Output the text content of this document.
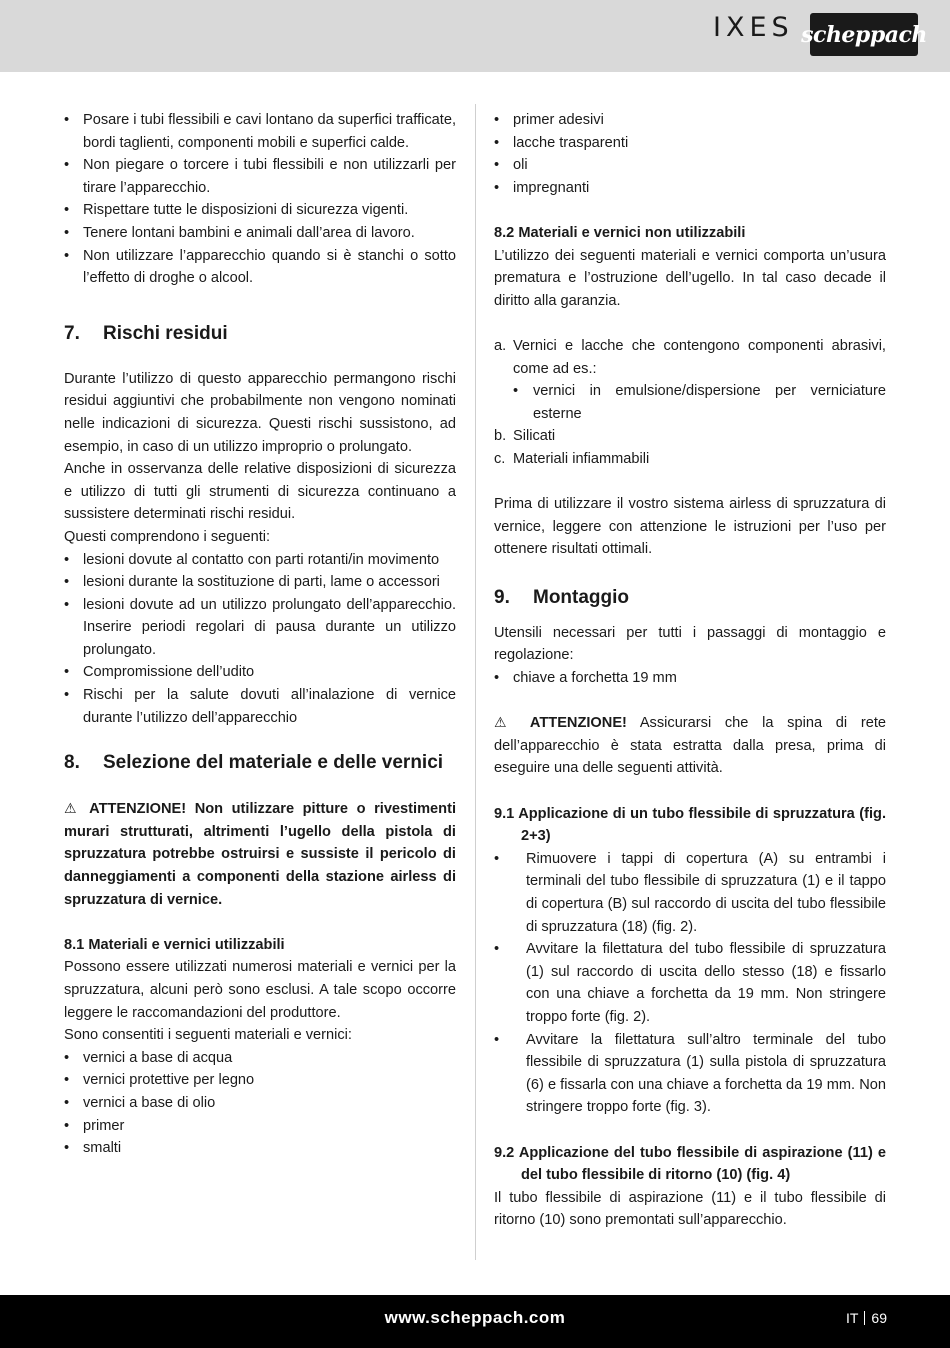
IXES scheppach
• Posare i tubi flessibili e cavi lontano da superfici trafficate, bordi taglienti, componenti mobili e superfici calde.
• Non piegare o torcere i tubi flessibili e non utilizzarli per tirare l’apparecchio.
• Rispettare tutte le disposizioni di sicurezza vigenti.
• Tenere lontani bambini e animali dall’area di lavoro.
• Non utilizzare l’apparecchio quando si è stanchi o sotto l’effetto di droghe o alcool.
7.	Rischi residui

Durante l’utilizzo di questo apparecchio permangono rischi residui aggiuntivi che probabilmente non vengono nominati nelle indicazioni di sicurezza. Questi rischi sussistono, ad esempio, in caso di un utilizzo improprio o prolungato.

Anche in osservanza delle relative disposizioni di sicurezza e utilizzo di tutti gli strumenti di sicurezza continuano a sussistere determinati rischi residui.

Questi comprendono i seguenti:

• lesioni dovute al contatto con parti rotanti/in movimento
• lesioni durante la sostituzione di parti, lame o accessori
• lesioni dovute ad un utilizzo prolungato dell’apparecchio. Inserire periodi regolari di pausa durante un utilizzo prolungato.
• Compromissione dell’udito
• Rischi per la salute dovuti all’inalazione di vernice durante l’utilizzo dell’apparecchio
8.	Selezione del materiale e delle vernici

⚠ ATTENZIONE! Non utilizzare pitture o rivestimenti murari strutturati, altrimenti l’ugello della pistola di spruzzatura potrebbe ostruirsi e sussiste il pericolo di danneggiamenti a componenti della stazione airless di spruzzatura di vernice.

8.1 Materiali e vernici utilizzabili

Possono essere utilizzati numerosi materiali e vernici per la spruzzatura, alcuni però sono esclusi. A tale scopo occorre leggere le raccomandazioni del produttore.

Sono consentiti i seguenti materiali e vernici:

• vernici a base di acqua
• vernici protettive per legno
• vernici a base di olio
• primer
• smalti
• primer adesivi
• lacche trasparenti
• oli
• impregnanti
8.2 Materiali e vernici non utilizzabili

L’utilizzo dei seguenti materiali e vernici comporta un’usura prematura e l’ostruzione dell’ugello. In tal caso decade il diritto alla garanzia.

a. Vernici e lacche che contengono componenti abrasivi, come ad es.:
• vernici in emulsione/dispersione per verniciature esterne
b. Silicati
c. Materiali infiammabili

Prima di utilizzare il vostro sistema airless di spruzzatura di vernice, leggere con attenzione le istruzioni per l’uso per ottenere risultati ottimali.

9.	Montaggio

Utensili necessari per tutti i passaggi di montaggio e regolazione:

• chiave a forchetta 19 mm

⚠ ATTENZIONE! Assicurarsi che la spina di rete dell’apparecchio è stata estratta dalla presa, prima di eseguire una delle seguenti attività.

9.1 Applicazione di un tubo flessibile di spruzzatura (fig. 2+3)
• Rimuovere i tappi di copertura (A) su entrambi i terminali del tubo flessibile di spruzzatura (1) e il tappo di copertura (B) sul raccordo di uscita del tubo flessibile di spruzzatura (18) (fig. 2).
• Avvitare la filettatura del tubo flessibile di spruzzatura (1) sul raccordo di uscita dello stesso (18) e fissarlo con una chiave a forchetta da 19 mm. Non stringere troppo forte (fig. 2).
• Avvitare la filettatura sull’altro terminale del tubo flessibile di spruzzatura (1) sulla pistola di spruzzatura (6) e fissarla con una chiave a forchetta da 19 mm. Non stringere troppo forte (fig. 3).
9.2 Applicazione del tubo flessibile di aspirazione (11) e del tubo flessibile di ritorno (10) (fig. 4)

Il tubo flessibile di aspirazione (11) e il tubo flessibile di ritorno (10) sono premontati sull’apparecchio.

www.scheppach.com	IT 69
